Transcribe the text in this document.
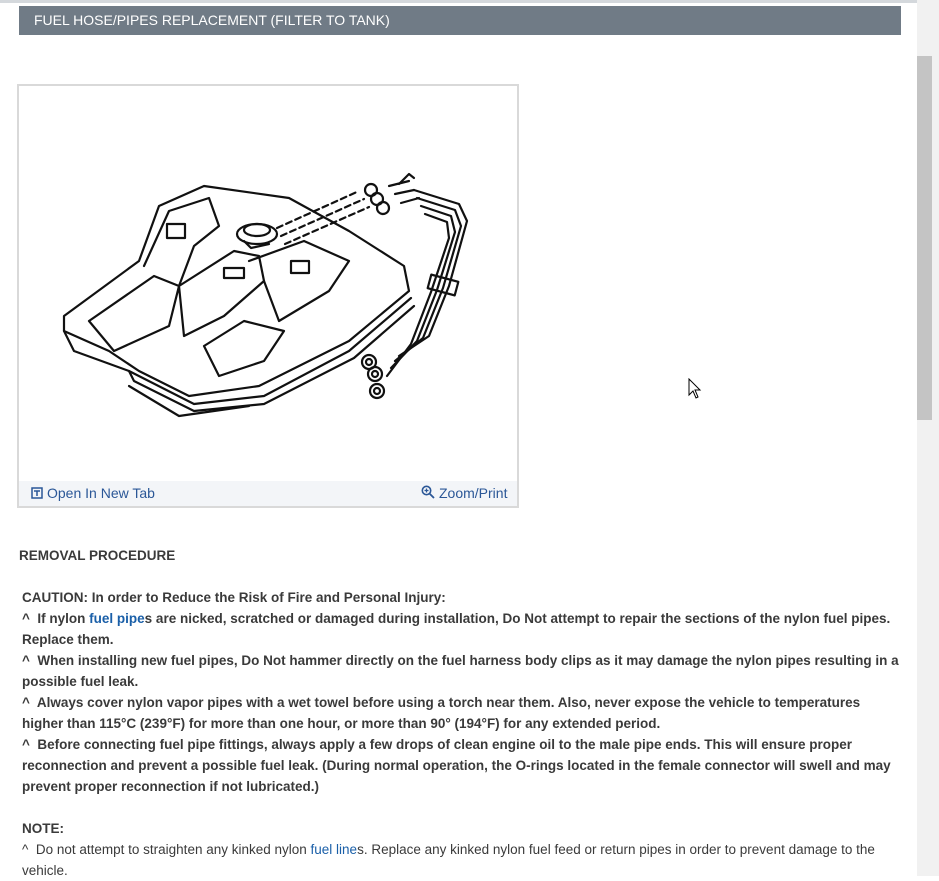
FUEL HOSE/PIPES REPLACEMENT (FILTER TO TANK)
Open In New Tab	Zoom/Print

REMOVAL PROCEDURE

CAUTION: In order to Reduce the Risk of Fire and Personal Injury:

^ If nylon fuel pipes are nicked, scratched or damaged during installation, Do Not attempt to repair the sections of the nylon fuel pipes. Replace them.

^ When installing new fuel pipes, Do Not hammer directly on the fuel harness body clips as it may damage the nylon pipes resulting in a possible fuel leak.

^ Always cover nylon vapor pipes with a wet towel before using a torch near them. Also, never expose the vehicle to temperatures higher than 115°C (239°F) for more than one hour, or more than 90° (194°F) for any extended period.

^ Before connecting fuel pipe fittings, always apply a few drops of clean engine oil to the male pipe ends. This will ensure proper reconnection and prevent a possible fuel leak. (During normal operation, the O-rings located in the female connector will swell and may prevent proper reconnection if not lubricated.)

NOTE:

^ Do not attempt to straighten any kinked nylon fuel lines. Replace any kinked nylon fuel feed or return pipes in order to prevent damage to the vehicle.
